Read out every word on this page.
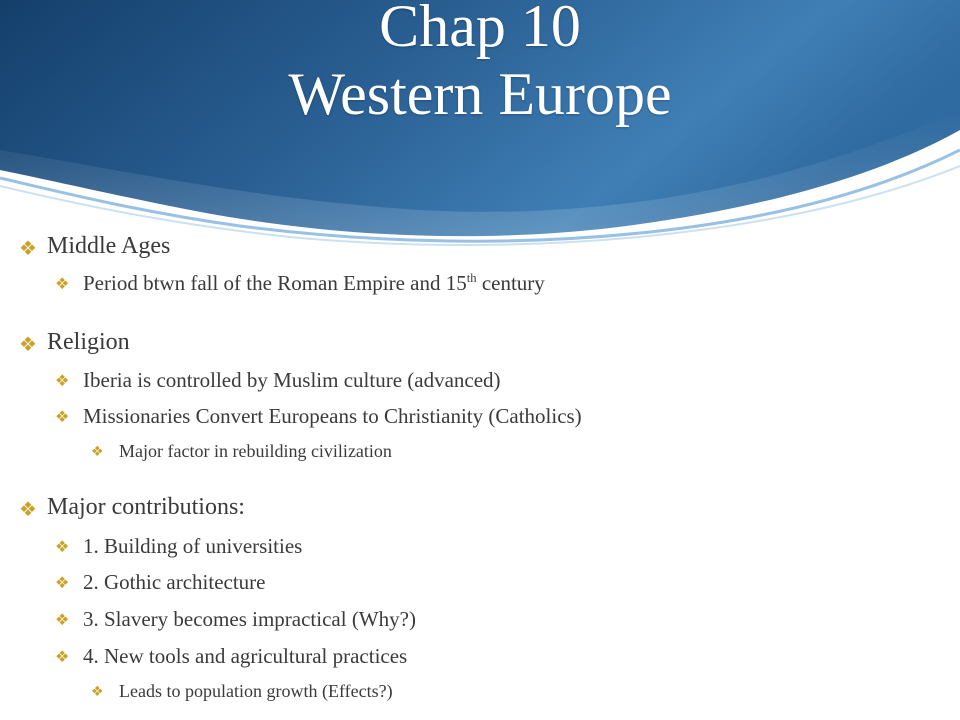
Chap 10
Western Europe
❖ Middle Ages
❖ Period btwn fall of the Roman Empire and 15th century
❖ Religion
❖ Iberia is controlled by Muslim culture (advanced)
❖ Missionaries Convert Europeans to Christianity (Catholics)
❖ Major factor in rebuilding civilization
❖ Major contributions:
❖ 1. Building of universities
❖ 2. Gothic architecture
❖ 3. Slavery becomes impractical (Why?)
❖ 4. New tools and agricultural practices
❖ Leads to population growth (Effects?)
